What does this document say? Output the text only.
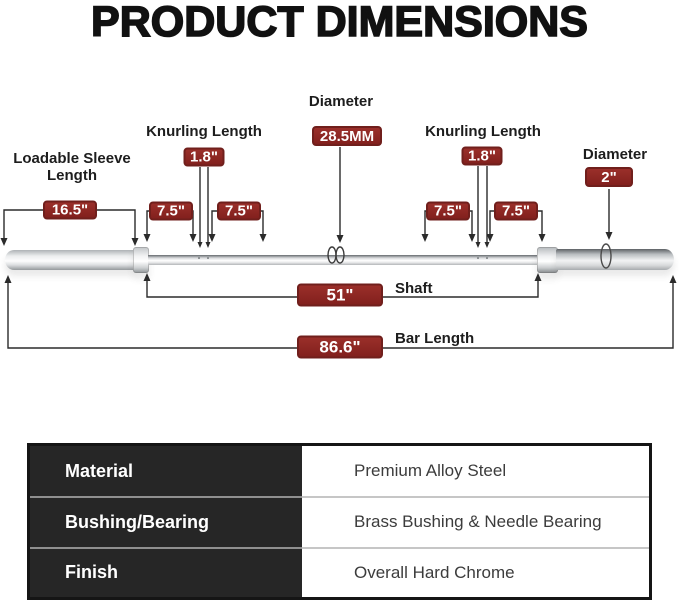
PRODUCT DIMENSIONS
Loadable Sleeve Length
Knurling Length
Diameter
Knurling Length
Diameter
Shaft
Bar Length
16.5"
1.8"
7.5"	7.5"
28.5MM
1.8"
7.5"	7.5"
2"
51"
86.6"
Material	Premium Alloy Steel
Bushing/Bearing	Brass Bushing & Needle Bearing
Finish	Overall Hard Chrome
